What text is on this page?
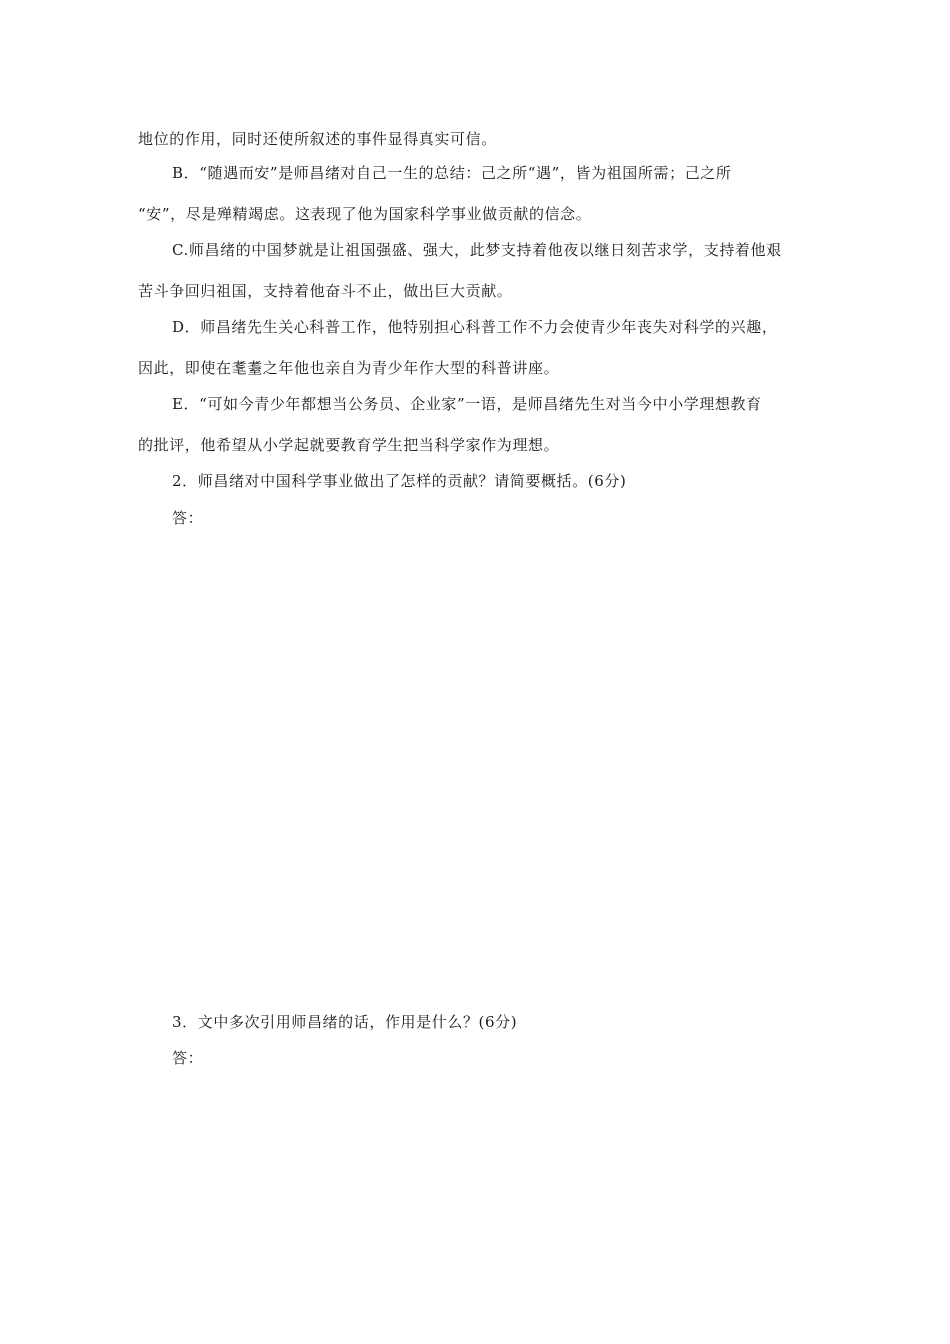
地位的作用，同时还使所叙述的事件显得真实可信。
B．“随遇而安”是师昌绪对自己一生的总结：己之所“遇”，皆为祖国所需；己之所
“安”，尽是殚精竭虑。这表现了他为国家科学事业做贡献的信念。
C.师昌绪的中国梦就是让祖国强盛、强大，此梦支持着他夜以继日刻苦求学，支持着他艰
苦斗争回归祖国，支持着他奋斗不止，做出巨大贡献。
D．师昌绪先生关心科普工作，他特别担心科普工作不力会使青少年丧失对科学的兴趣，
因此，即使在耄耋之年他也亲自为青少年作大型的科普讲座。
E．“可如今青少年都想当公务员、企业家”一语，是师昌绪先生对当今中小学理想教育
的批评，他希望从小学起就要教育学生把当科学家作为理想。
2．师昌绪对中国科学事业做出了怎样的贡献？请简要概括。(6分)
答：
3．文中多次引用师昌绪的话，作用是什么？(6分)
答：
